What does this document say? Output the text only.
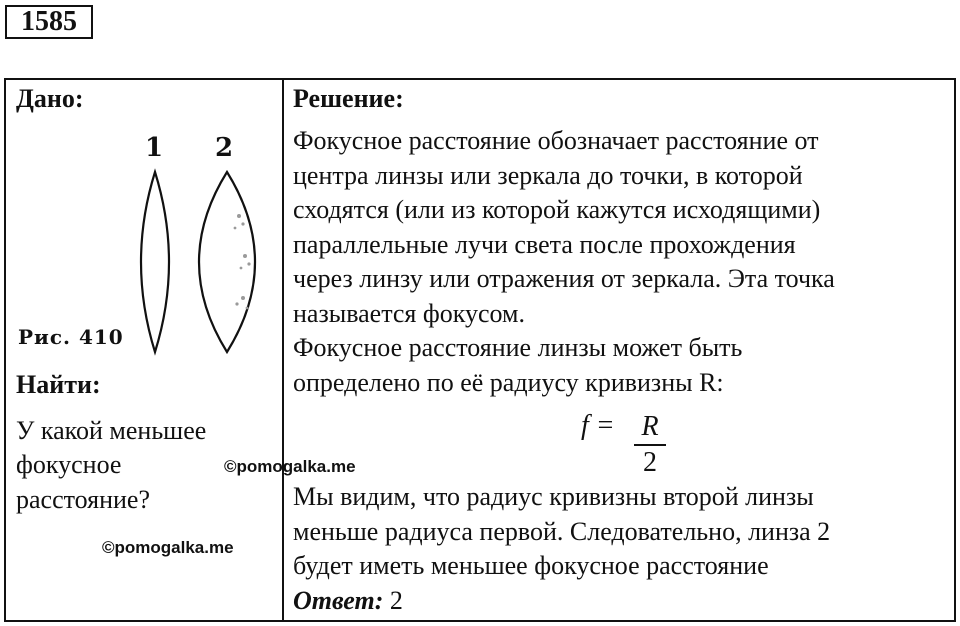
1585
Дано:
1 2
Рис. 410
Найти:
У какой меньшее
фокусное
расстояние?
Решение:
Фокусное расстояние обозначает расстояние от
центра линзы или зеркала до точки, в которой
сходятся (или из которой кажутся исходящими)
параллельные лучи света после прохождения
через линзу или отражения от зеркала. Эта точка
называется фокусом.
Фокусное расстояние линзы может быть
определено по её радиусу кривизны R:
f = R
2
Мы видим, что радиус кривизны второй линзы
меньше радиуса первой. Следовательно, линза 2
будет иметь меньшее фокусное расстояние
Ответ: 2
©pomogalka.me
©pomogalka.me
